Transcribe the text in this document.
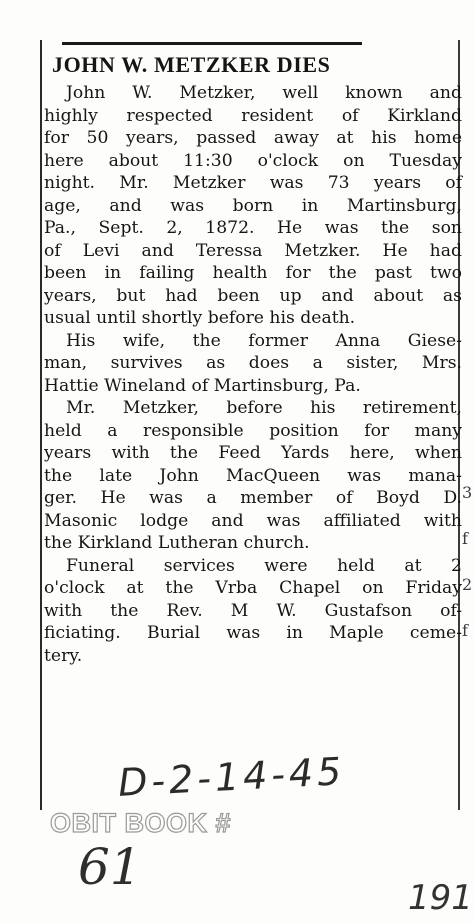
JOHN W. METZKER DIES

John W. Metzker, well known and
highly respected resident of Kirkland
for 50 years, passed away at his home
here about 11:30 o'clock on Tuesday
night. Mr. Metzker was 73 years of
age, and was born in Martinsburg,
Pa., Sept. 2, 1872. He was the son
of Levi and Teressa Metzker. He had
been in failing health for the past two
years, but had been up and about as
usual until shortly before his death.

His wife, the former Anna Giese-
man, survives as does a sister, Mrs.
Hattie Wineland of Martinsburg, Pa.

Mr. Metzker, before his retirement,
held a responsible position for many
years with the Feed Yards here, when
the late John MacQueen was mana-
ger. He was a member of Boyd D.
Masonic lodge and was affiliated with
the Kirkland Lutheran church.

Funeral services were held at 2
o'clock at the Vrba Chapel on Friday
with the Rev. M W. Gustafson of-
ficiating. Burial was in Maple ceme-
tery.

3
f
2
f
D-2-14-45
OBIT BOOK #
61
191
